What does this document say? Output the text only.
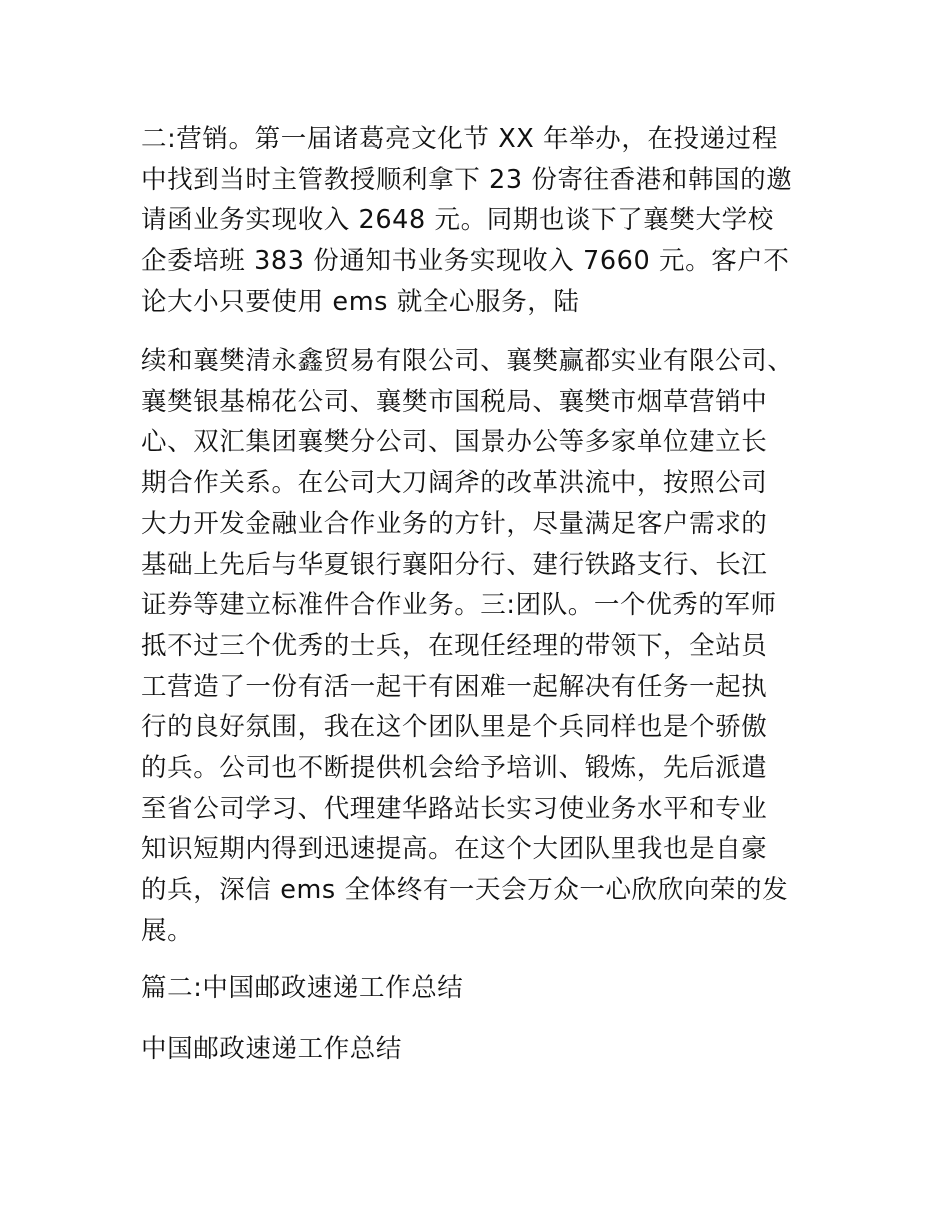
二:营销。第一届诸葛亮文化节 XX 年举办，在投递过程
中找到当时主管教授顺利拿下 23 份寄往香港和韩国的邀
请函业务实现收入 2648 元。同期也谈下了襄樊大学校
企委培班 383 份通知书业务实现收入 7660 元。客户不
论大小只要使用 ems 就全心服务，陆
续和襄樊清永鑫贸易有限公司、襄樊赢都实业有限公司、
襄樊银基棉花公司、襄樊市国税局、襄樊市烟草营销中
心、双汇集团襄樊分公司、国景办公等多家单位建立长
期合作关系。在公司大刀阔斧的改革洪流中，按照公司
大力开发金融业合作业务的方针，尽量满足客户需求的
基础上先后与华夏银行襄阳分行、建行铁路支行、长江
证券等建立标准件合作业务。三:团队。一个优秀的军师
抵不过三个优秀的士兵，在现任经理的带领下，全站员
工营造了一份有活一起干有困难一起解决有任务一起执
行的良好氛围，我在这个团队里是个兵同样也是个骄傲
的兵。公司也不断提供机会给予培训、锻炼，先后派遣
至省公司学习、代理建华路站长实习使业务水平和专业
知识短期内得到迅速提高。在这个大团队里我也是自豪
的兵，深信 ems 全体终有一天会万众一心欣欣向荣的发
展。
篇二:中国邮政速递工作总结
中国邮政速递工作总结
